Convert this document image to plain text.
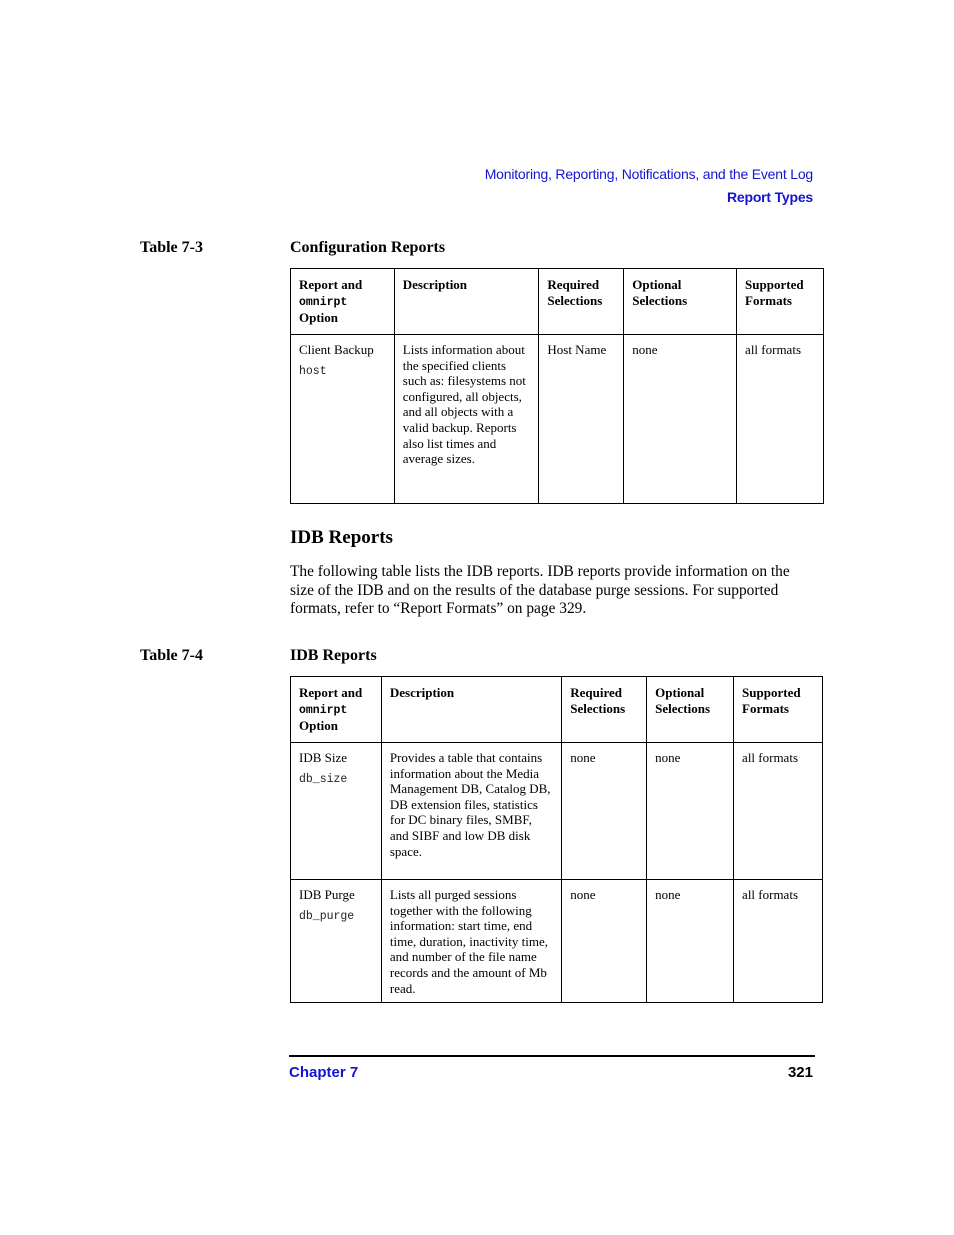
Monitoring, Reporting, Notifications, and the Event Log
Report Types
Table 7-3	Configuration Reports
Report and
omnirpt
Option	Description	Required Selections	Optional Selections	Supported Formats
Client Backup
host	Lists information about the specified clients such as: filesystems not configured, all objects, and all objects with a valid backup. Reports also list times and average sizes.	Host Name	none	all formats
IDB Reports
The following table lists the IDB reports. IDB reports provide information on the size of the IDB and on the results of the database purge sessions. For supported formats, refer to “Report Formats” on page 329.
Table 7-4	IDB Reports
Report and
omnirpt
Option	Description	Required Selections	Optional Selections	Supported Formats
IDB Size
db_size	Provides a table that contains information about the Media Management DB, Catalog DB, DB extension files, statistics for DC binary files, SMBF, and SIBF and low DB disk space.	none	none	all formats
IDB Purge
db_purge	Lists all purged sessions together with the following information: start time, end time, duration, inactivity time, and number of the file name records and the amount of Mb read.	none	none	all formats
Chapter 7	321
